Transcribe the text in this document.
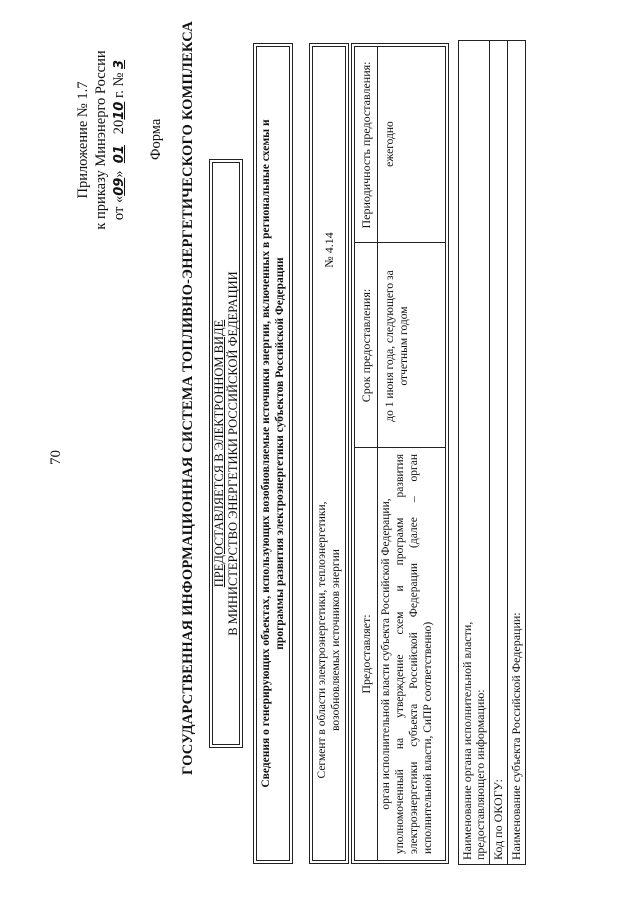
70
Приложение № 1.7 к приказу Минэнерго России от «09»  01   2010 г. № 3
Форма ГОСУДАРСТВЕННАЯ ИНФОРМАЦИОННАЯ СИСТЕМА ТОПЛИВНО-ЭНЕРГЕТИЧЕСКОГО КОМПЛЕКСА ПРЕДОСТАВЛЯЕТСЯ В ЭЛЕКТРОННОМ ВИДЕ В МИНИСТЕРСТВО ЭНЕРГЕТИКИ РОССИЙСКОЙ ФЕДЕРАЦИИ Сведения о генерирующих объектах, использующих возобновляемые источники энергии, включенных в региональные схемы и программы развития электроэнергетики субъектов Российской Федерации	Сегмент в области электроэнергетики, теплоэнергетики, возобновляемых источников энергии
№ 4.14
Предоставляет:
Срок предоставления:
Периодичность предоставления:
орган исполнительной власти субъекта Российской Федерации, уполномоченный на утверждение схем и программ развития электроэнергетики субъекта Российской Федерации (далее – орган исполнительной власти, СиПР соответственно)
до 1 июня года, следующего за отчетным годом
ежегодно
Наименование органа исполнительной власти, предоставляющего информацию: Код по ОКОГУ: Наименование субъекта Российской Федерации:
